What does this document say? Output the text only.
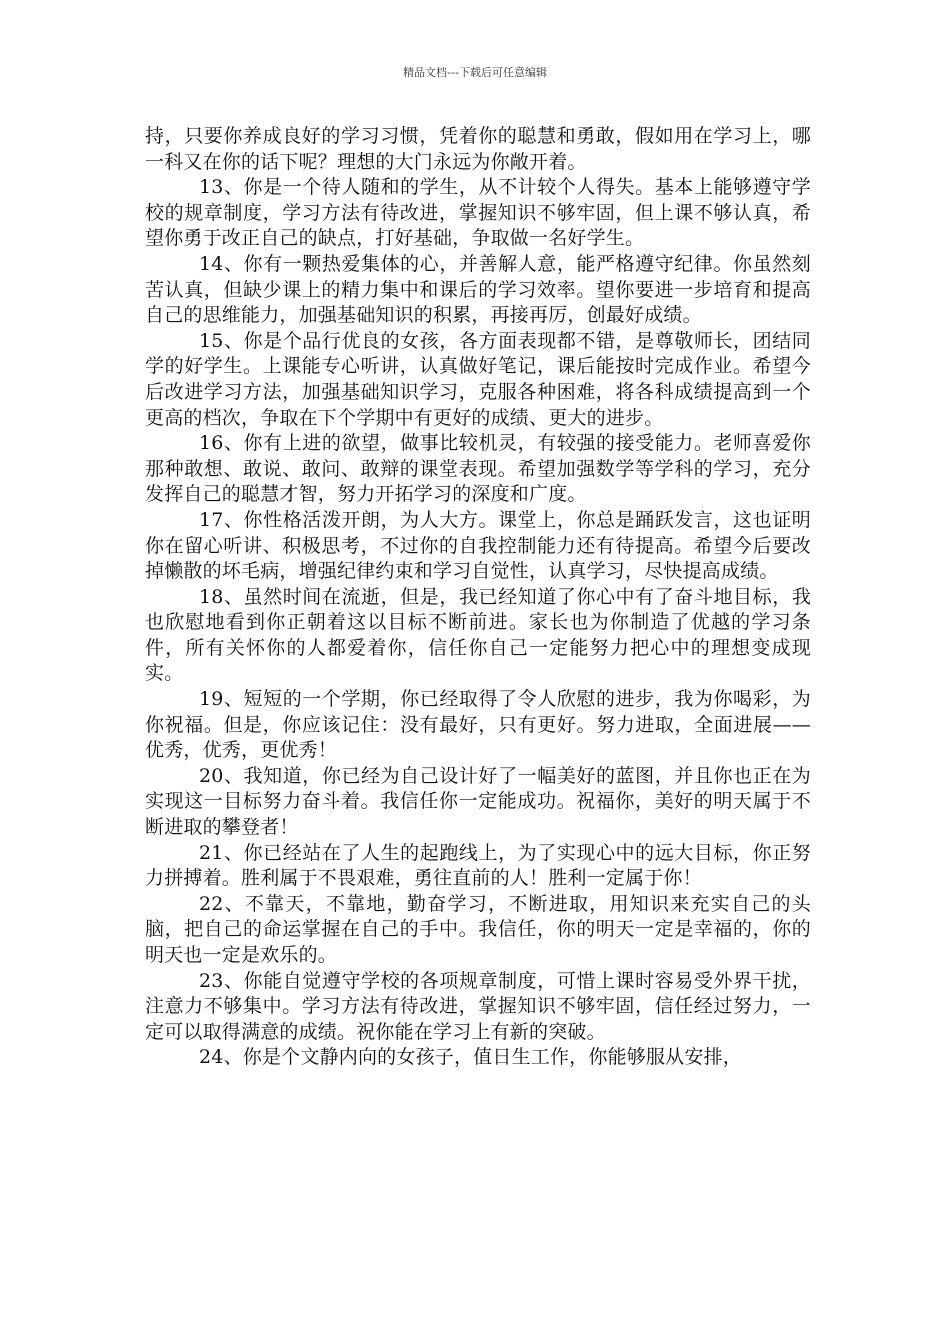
精品文档---下载后可任意编辑

持，只要你养成良好的学习习惯，凭着你的聪慧和勇敢，假如用在学习上，哪一科又在你的话下呢？理想的大门永远为你敞开着。

13、你是一个待人随和的学生，从不计较个人得失。基本上能够遵守学校的规章制度，学习方法有待改进，掌握知识不够牢固，但上课不够认真，希望你勇于改正自己的缺点，打好基础，争取做一名好学生。

14、你有一颗热爱集体的心，并善解人意，能严格遵守纪律。你虽然刻苦认真，但缺少课上的精力集中和课后的学习效率。望你要进一步培育和提高自己的思维能力，加强基础知识的积累，再接再厉，创最好成绩。

15、你是个品行优良的女孩，各方面表现都不错，是尊敬师长，团结同学的好学生。上课能专心听讲，认真做好笔记，课后能按时完成作业。希望今后改进学习方法，加强基础知识学习，克服各种困难，将各科成绩提高到一个更高的档次，争取在下个学期中有更好的成绩、更大的进步。

16、你有上进的欲望，做事比较机灵，有较强的接受能力。老师喜爱你那种敢想、敢说、敢问、敢辩的课堂表现。希望加强数学等学科的学习，充分发挥自己的聪慧才智，努力开拓学习的深度和广度。

17、你性格活泼开朗，为人大方。课堂上，你总是踊跃发言，这也证明你在留心听讲、积极思考，不过你的自我控制能力还有待提高。希望今后要改掉懒散的坏毛病，增强纪律约束和学习自觉性，认真学习，尽快提高成绩。

18、虽然时间在流逝，但是，我已经知道了你心中有了奋斗地目标，我也欣慰地看到你正朝着这以目标不断前进。家长也为你制造了优越的学习条件，所有关怀你的人都爱着你，信任你自己一定能努力把心中的理想变成现实。

19、短短的一个学期，你已经取得了令人欣慰的进步，我为你喝彩，为你祝福。但是，你应该记住：没有最好，只有更好。努力进取，全面进展——优秀，优秀，更优秀！

20、我知道，你已经为自己设计好了一幅美好的蓝图，并且你也正在为实现这一目标努力奋斗着。我信任你一定能成功。祝福你，美好的明天属于不断进取的攀登者！

21、你已经站在了人生的起跑线上，为了实现心中的远大目标，你正努力拼搏着。胜利属于不畏艰难，勇往直前的人！胜利一定属于你！

22、不靠天，不靠地，勤奋学习，不断进取，用知识来充实自己的头脑，把自己的命运掌握在自己的手中。我信任，你的明天一定是幸福的，你的明天也一定是欢乐的。

23、你能自觉遵守学校的各项规章制度，可惜上课时容易受外界干扰，注意力不够集中。学习方法有待改进，掌握知识不够牢固，信任经过努力，一定可以取得满意的成绩。祝你能在学习上有新的突破。

24、你是个文静内向的女孩子，值日生工作，你能够服从安排，
